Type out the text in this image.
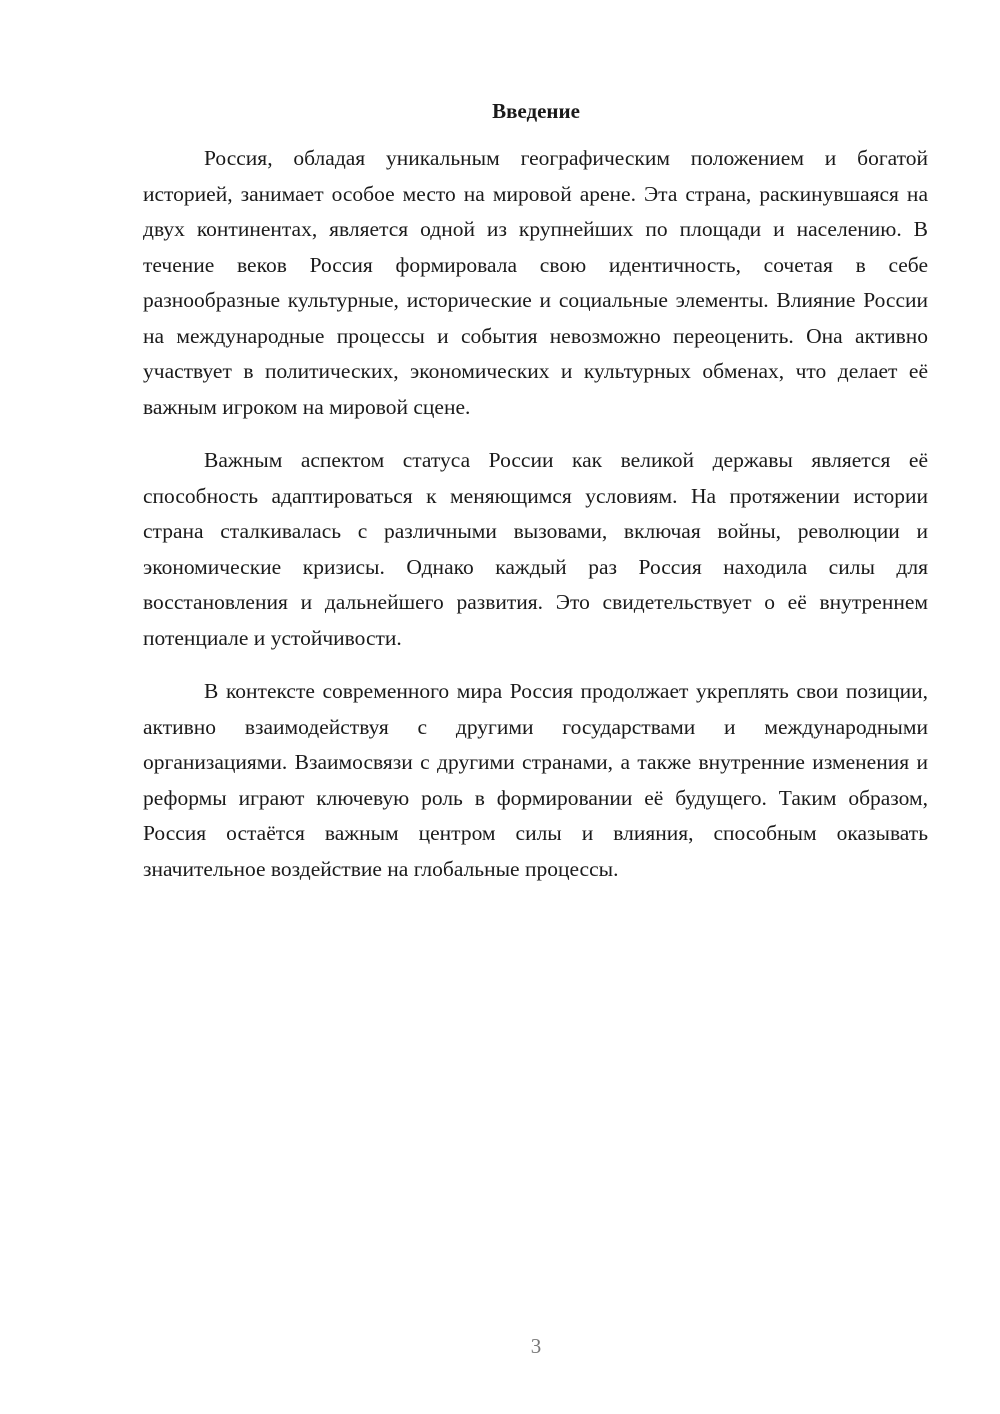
Введение

Россия, обладая уникальным географическим положением и богатой историей, занимает особое место на мировой арене. Эта страна, раскинувшаяся на двух континентах, является одной из крупнейших по площади и населению. В течение веков Россия формировала свою идентичность, сочетая в себе разнообразные культурные, исторические и социальные элементы. Влияние России на международные процессы и события невозможно переоценить. Она активно участвует в политических, экономических и культурных обменах, что делает её важным игроком на мировой сцене.

Важным аспектом статуса России как великой державы является её способность адаптироваться к меняющимся условиям. На протяжении истории страна сталкивалась с различными вызовами, включая войны, революции и экономические кризисы. Однако каждый раз Россия находила силы для восстановления и дальнейшего развития. Это свидетельствует о её внутреннем потенциале и устойчивости.

В контексте современного мира Россия продолжает укреплять свои позиции, активно взаимодействуя с другими государствами и международными организациями. Взаимосвязи с другими странами, а также внутренние изменения и реформы играют ключевую роль в формировании её будущего. Таким образом, Россия остаётся важным центром силы и влияния, способным оказывать значительное воздействие на глобальные процессы.

3
